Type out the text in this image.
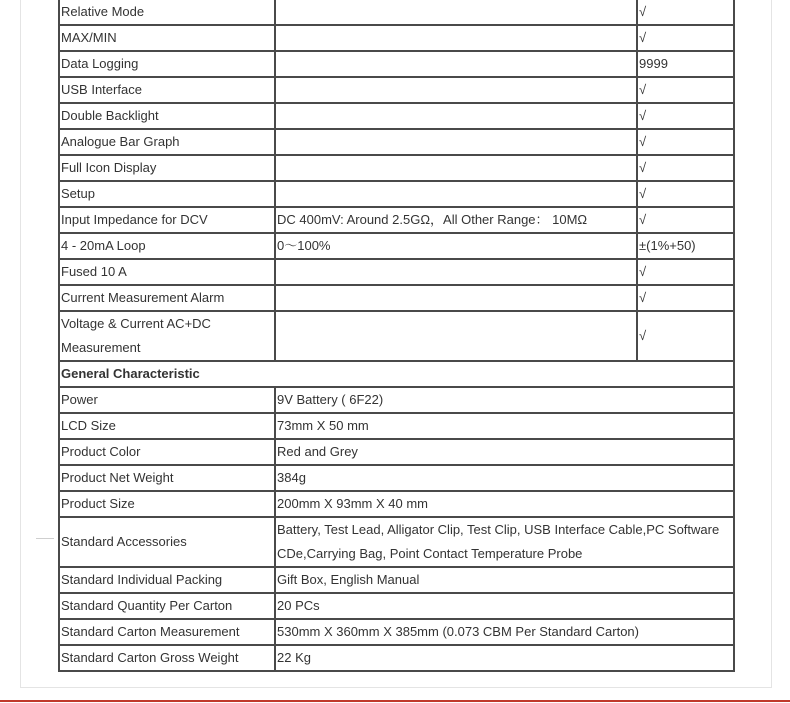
Relative Mode		√
MAX/MIN		√
Data Logging		9999
USB Interface		√
Double Backlight		√
Analogue Bar Graph		√
Full Icon Display		√
Setup		√
Input Impedance for DCV	DC 400mV: Around 2.5GΩ，All Other Range： 10MΩ	√
4 - 20mA Loop	0～100%	±(1%+50)
Fused 10 A		√
Current Measurement Alarm		√
Voltage & Current AC+DC Measurement		√
General Characteristic		
Power	9V Battery ( 6F22)	
LCD Size	73mm X 50 mm	
Product Color	Red and Grey	
Product Net Weight	384g	
Product Size	200mm X 93mm X 40 mm	
Standard Accessories	Battery, Test Lead, Alligator Clip, Test Clip, USB Interface Cable,PC Software CDe,Carrying Bag, Point Contact Temperature Probe	
Standard Individual Packing	Gift Box, English Manual	
Standard Quantity Per Carton	20 PCs	
Standard Carton Measurement	530mm X 360mm X 385mm (0.073 CBM Per Standard Carton)	
Standard Carton Gross Weight	22 Kg	
